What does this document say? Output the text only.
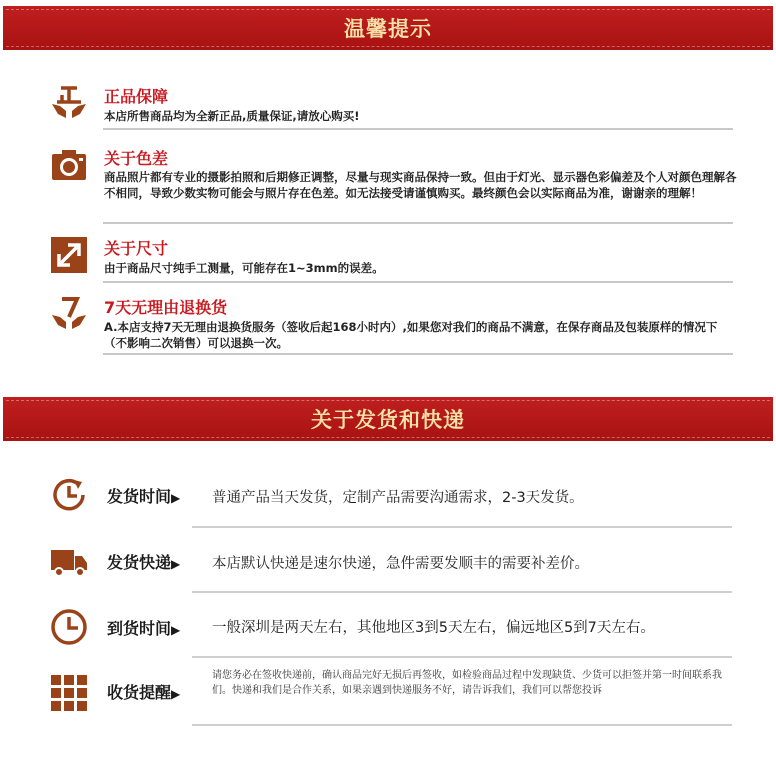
温馨提示
正品保障
本店所售商品均为全新正品,质量保证,请放心购买!
关于色差
商品照片都有专业的摄影拍照和后期修正调整，尽量与现实商品保持一致。但由于灯光、显示器色彩偏差及个人对颜色理解各不相同，导致少数实物可能会与照片存在色差。如无法接受请谨慎购买。最终颜色会以实际商品为准，谢谢亲的理解！
关于尺寸
由于商品尺寸纯手工测量，可能存在1~3mm的误差。
7天无理由退换货
A.本店支持7天无理由退换货服务（签收后起168小时内）,如果您对我们的商品不满意，在保存商品及包装原样的情况下（不影响二次销售）可以退换一次。
关于发货和快递
发货时间▶ 普通产品当天发货，定制产品需要沟通需求，2-3天发货。
发货快递▶ 本店默认快递是速尔快递，急件需要发顺丰的需要补差价。
到货时间▶ 一般深圳是两天左右，其他地区3到5天左右，偏远地区5到7天左右。
收货提醒▶
请您务必在签收快递前，确认商品完好无损后再签收，如检验商品过程中发现缺货、少货可以拒签并第一时间联系我们。快递和我们是合作关系，如果亲遇到快递服务不好，请告诉我们，我们可以帮您投诉
